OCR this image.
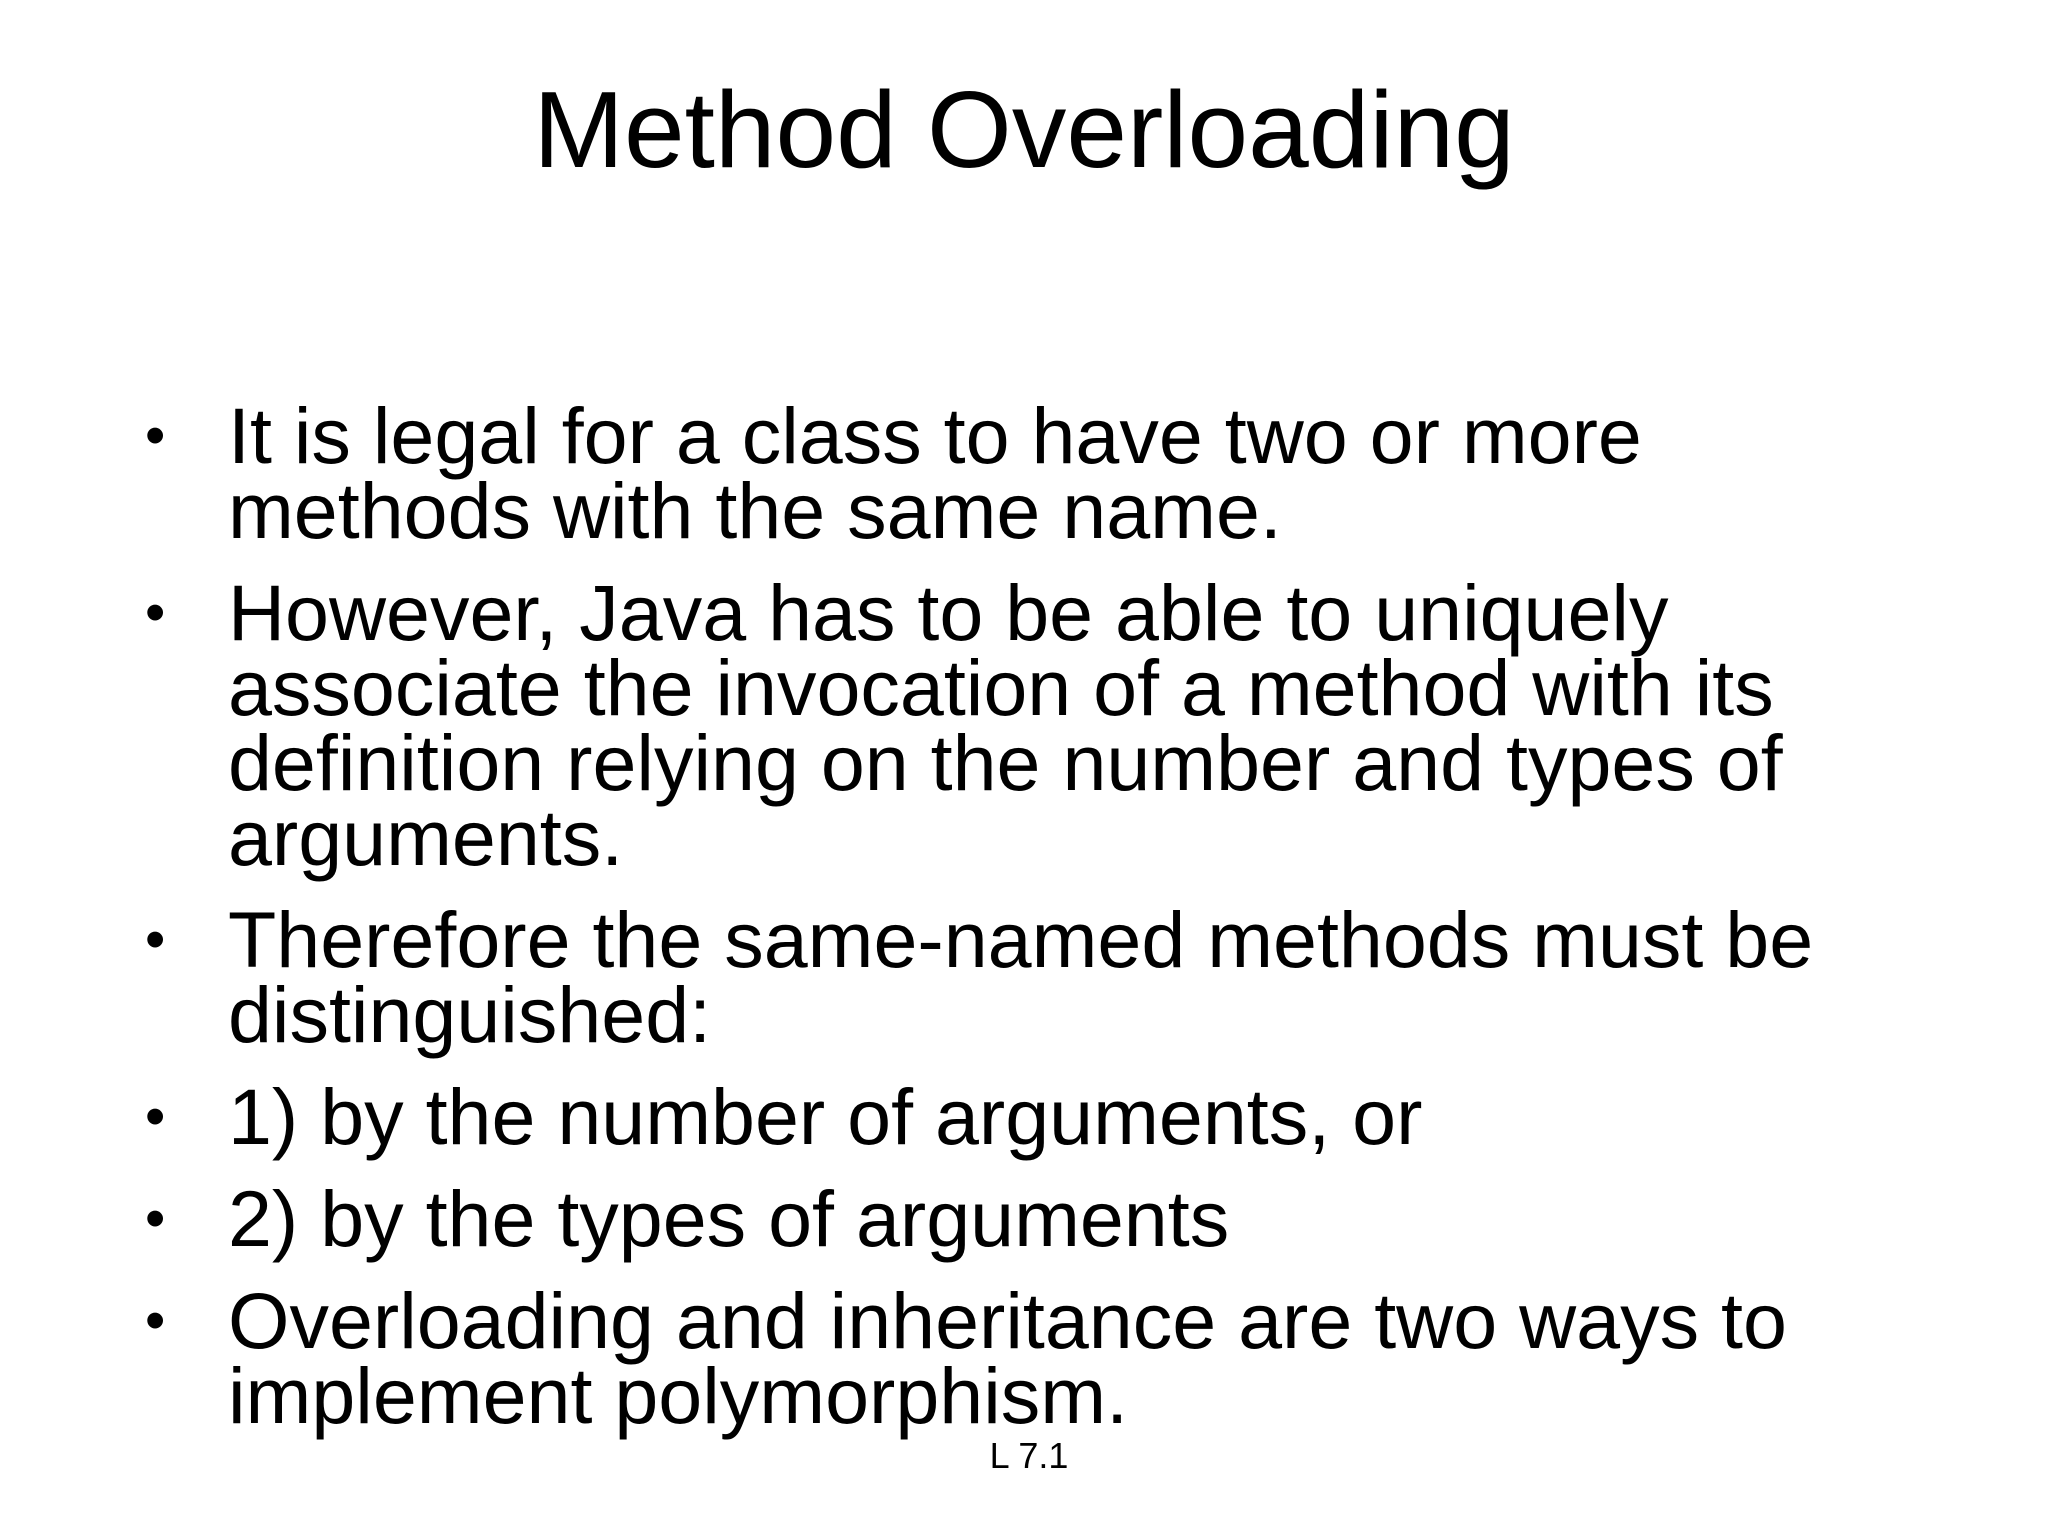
Method Overloading
• It is legal for a class to have two or more methods with the same name.
• However, Java has to be able to uniquely associate the invocation of a method with its definition relying on the number and types of arguments.
• Therefore the same-named methods must be distinguished:
• 1) by the number of arguments, or
• 2) by the types of arguments
• Overloading and inheritance are two ways to implement polymorphism.
L 7.1
